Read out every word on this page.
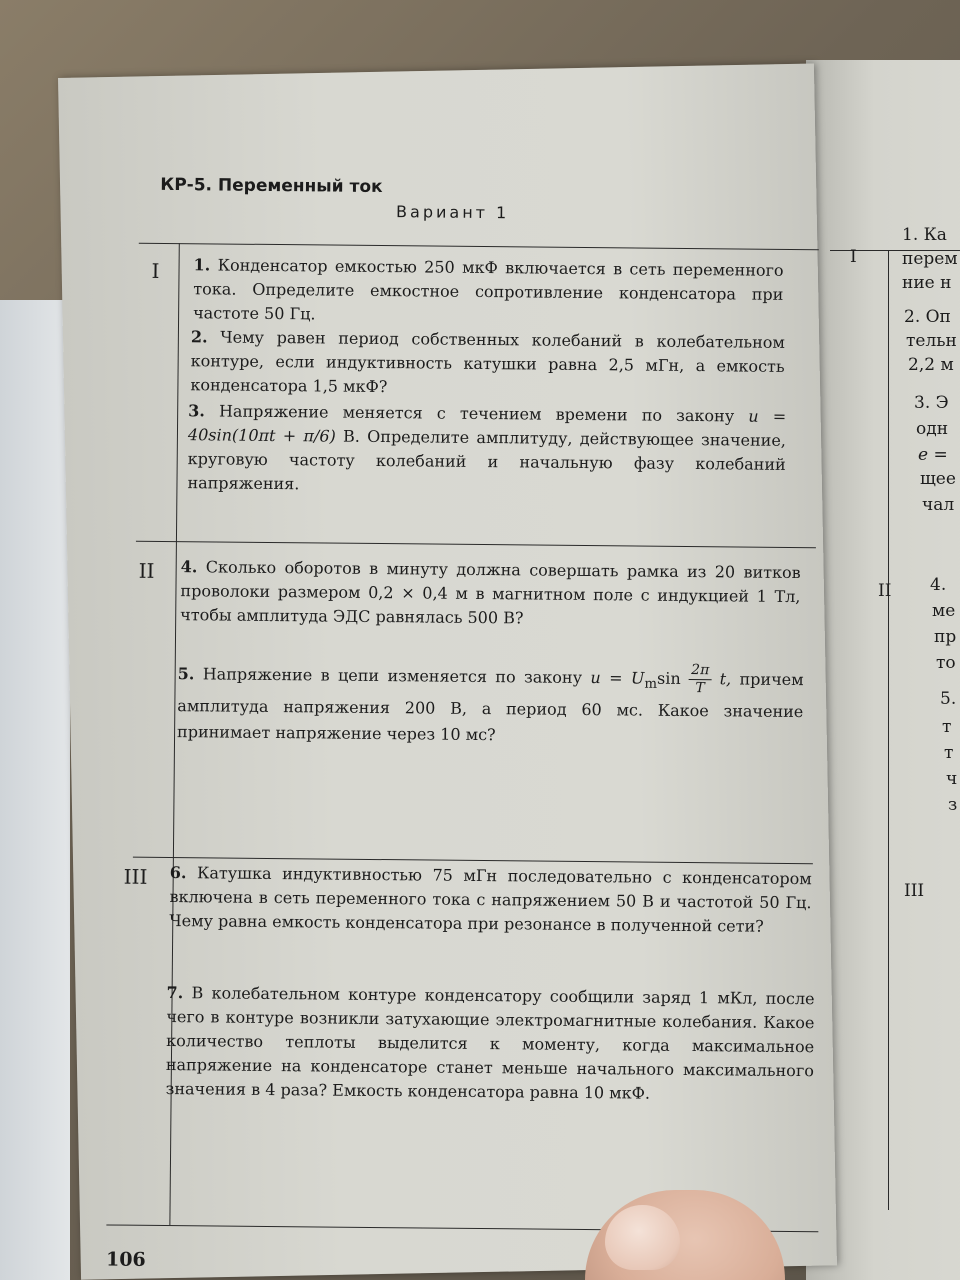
КР-5. Переменный ток
Вариант 1
I 1. Конденсатор емкостью 250 мкФ включается в сеть переменного тока. Определите емкостное сопротивление конденсатора при частоте 50 Гц.

2. Чему равен период собственных колебаний в колебательном контуре, если индуктивность катушки равна 2,5 мГн, а емкость конденсатора 1,5 мкФ?

3. Напряжение меняется с течением времени по закону u = 40sin(10πt + π/6) В. Определите амплитуду, действующее значение, круговую частоту колебаний и начальную фазу колебаний напряжения.

II 4. Сколько оборотов в минуту должна совершать рамка из 20 витков проволоки размером 0,2 × 0,4 м в магнитном поле с индукцией 1 Тл, чтобы амплитуда ЭДС равнялась 500 В?

5. Напряжение в цепи изменяется по закону $u = U_m\sin \frac{2\pi}{T} t$, причем амплитуда напряжения 200 В, а период 60 мс. Какое значение принимает напряжение через 10 мс?

III 6. Катушка индуктивностью 75 мГн последовательно с конденсатором включена в сеть переменного тока с напряжением 50 В и частотой 50 Гц. Чему равна емкость конденсатора при резонансе в полученной сети?

7. В колебательном контуре конденсатору сообщили заряд 1 мКл, после чего в контуре возникли затухающие электромагнитные колебания. Какое количество теплоты выделится к моменту, когда максимальное напряжение на конденсаторе станет меньше начального максимального значения в 4 раза? Емкость конденсатора равна 10 мкФ.

106
I
II
III
1. Ка
перем
ние н
2. Оп
тельн
2,2 м
3. Э
одн
e =
щее
чал
4.
ме
пр
то
5.
т
т
ч
з
